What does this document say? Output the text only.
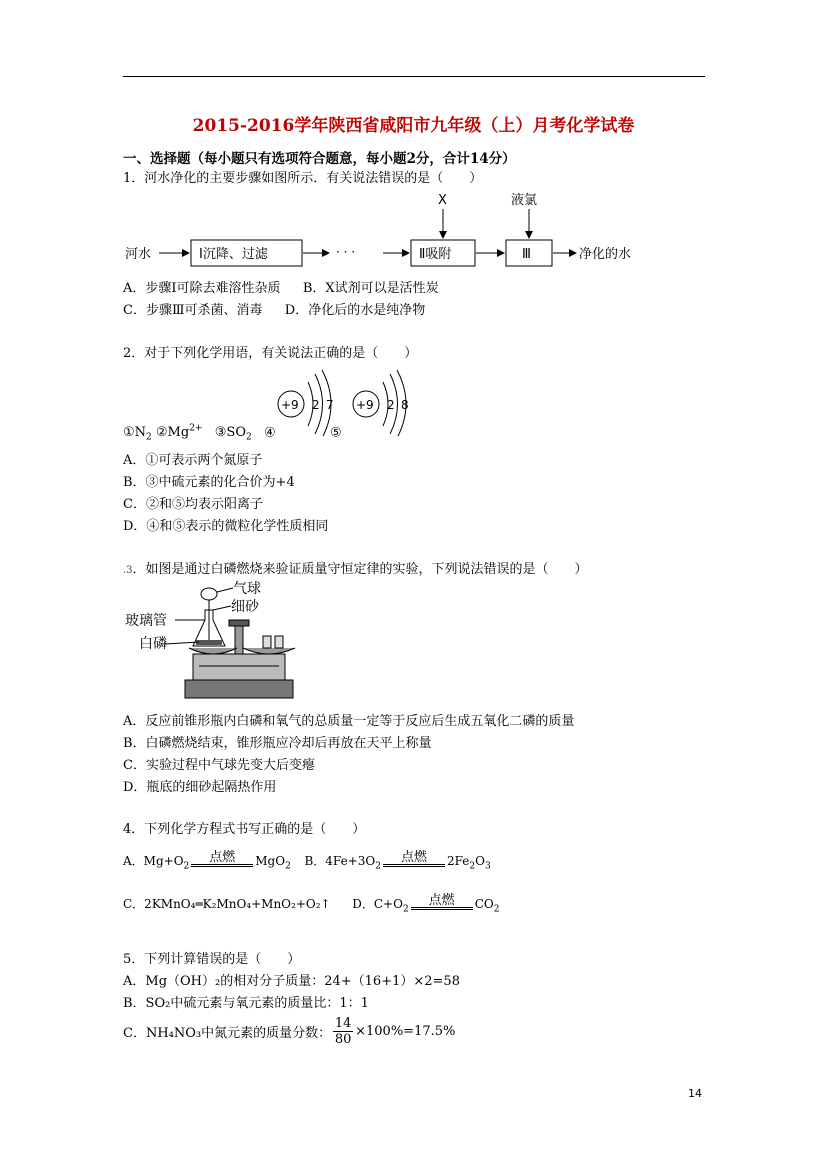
2015-2016学年陕西省咸阳市九年级（上）月考化学试卷
一、选择题（每小题只有选项符合题意，每小题2分，合计14分）
1．河水净化的主要步骤如图所示．有关说法错误的是（　　）
河水	Ⅰ沉降、过滤	· · ·	Ⅱ吸附	Ⅲ	净化的水
X	液氯
A．步骤Ⅰ可除去难溶性杂质 B．X试剂可以是活性炭
C．步骤Ⅲ可杀菌、消毒 D．净化后的水是纯净物
2．对于下列化学用语，有关说法正确的是（　　）
+9 2 7 +9 2 8
$①N_2$ $②Mg^{2+}$ $③SO_2$ ④	⑤
A．①可表示两个氮原子
B．③中硫元素的化合价为+4
C．②和⑤均表示阳离子
D．④和⑤表示的微粒化学性质相同
.3．如图是通过白磷燃烧来验证质量守恒定律的实验，下列说法错误的是（　　）
气球
细砂
玻璃管
白磷
A．反应前锥形瓶内白磷和氧气的总质量一定等于反应后生成五氧化二磷的质量
B．白磷燃烧结束，锥形瓶应冷却后再放在天平上称量
C．实验过程中气球先变大后变瘪
D．瓶底的细砂起隔热作用
4．下列化学方程式书写正确的是（　　）
A．$Mg+O_2$
点燃	MgO$_2$ B．$4Fe+3O_2$
点燃	$2Fe_2O_3$
C．2KMnO₄═K₂MnO₄+MnO₂+O₂↑ D．$C+O_2$
点燃	$CO_2$
5．下列计算错误的是（　　）
A．Mg（OH）₂的相对分子质量：24+（16+1）×2=58
B．SO₂中硫元素与氧元素的质量比：1：1
C．NH₄NO₃中氮元素的质量分数：
14
80
×100%=17.5%
14
